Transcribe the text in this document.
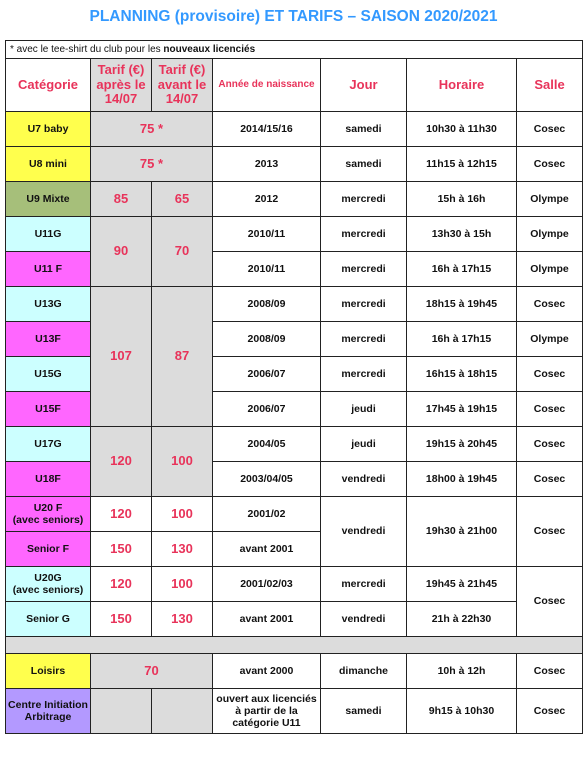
PLANNING (provisoire) ET TARIFS – SAISON 2020/2021
* avec le tee-shirt du club pour les nouveaux licenciés						
Catégorie	Tarif (€) après le 14/07	Tarif (€) avant le 14/07	Année de naissance	Jour	Horaire	Salle
U7 baby	75 *		2014/15/16	samedi	10h30 à 11h30	Cosec
U8 mini	75 *		2013	samedi	11h15 à 12h15	Cosec
U9 Mixte	85	65	2012	mercredi	15h à 16h	Olympe
U11G	90	70	2010/11	mercredi	13h30 à 15h	Olympe
U11 F			2010/11	mercredi	16h à 17h15	Olympe
U13G	107	87	2008/09	mercredi	18h15 à 19h45	Cosec
U13F			2008/09	mercredi	16h à 17h15	Olympe
U15G			2006/07	mercredi	16h15 à 18h15	Cosec
U15F			2006/07	jeudi	17h45 à 19h15	Cosec
U17G	120	100	2004/05	jeudi	19h15 à 20h45	Cosec
U18F			2003/04/05	vendredi	18h00 à 19h45	Cosec
U20 F
(avec seniors)	120	100	2001/02	vendredi	19h30 à 21h00	Cosec
Senior F	150	130	avant 2001			
U20G
(avec seniors)	120	100	2001/02/03	mercredi	19h45 à 21h45	Cosec
Senior G	150	130	avant 2001	vendredi	21h à 22h30	

Loisirs	70		avant 2000	dimanche	10h à 12h	Cosec
Centre Initiation Arbitrage			ouvert aux licenciés à partir de la catégorie U11	samedi	9h15 à 10h30	Cosec
